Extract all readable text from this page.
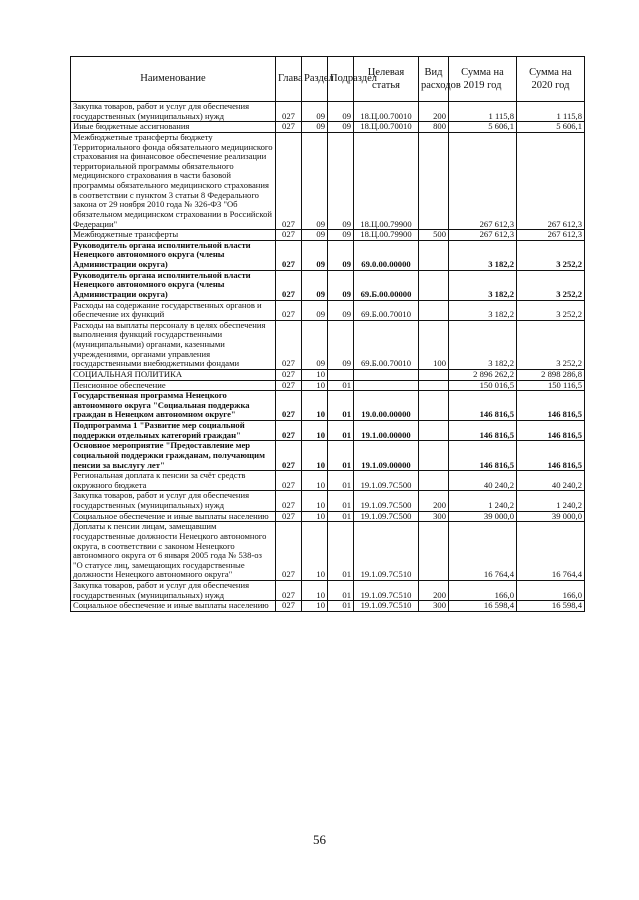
Наименование	Глава	Раздел	Подраздел	Целевая статья	Вид расходов	Сумма на 2019 год	Сумма на 2020 год
Закупка товаров, работ и услуг для обеспечения государственных (муниципальных) нужд	027	09	09	18.Ц.00.70010	200	1 115,8	1 115,8
Иные бюджетные ассигнования	027	09	09	18.Ц.00.70010	800	5 606,1	5 606,1
Межбюджетные трансферты бюджету Территориального фонда обязательного медицинского страхования на финансовое обеспечение реализации территориальной программы обязательного медицинского страхования в части базовой программы обязательного медицинского страхования в соответствии с пунктом 3 статьи 8 Федерального закона от 29 ноября 2010 года № 326-ФЗ "Об обязательном медицинском страховании в Российской Федерации"	027	09	09	18.Ц.00.79900		267 612,3	267 612,3
Межбюджетные трансферты	027	09	09	18.Ц.00.79900	500	267 612,3	267 612,3
Руководитель органа исполнительной власти Ненецкого автономного округа (члены Администрации округа)	027	09	09	69.0.00.00000		3 182,2	3 252,2
Руководитель органа исполнительной власти Ненецкого автономного округа (члены Администрации округа)	027	09	09	69.Б.00.00000		3 182,2	3 252,2
Расходы на содержание государственных органов и обеспечение их функций	027	09	09	69.Б.00.70010		3 182,2	3 252,2
Расходы на выплаты персоналу в целях обеспечения выполнения функций государственными (муниципальными) органами, казенными учреждениями, органами управления государственными внебюджетными фондами	027	09	09	69.Б.00.70010	100	3 182,2	3 252,2
СОЦИАЛЬНАЯ ПОЛИТИКА	027	10				2 896 262,2	2 898 286,8
Пенсионное обеспечение	027	10	01			150 016,5	150 116,5
Государственная программа Ненецкого автономного округа "Социальная поддержка граждан в Ненецком автономном округе"	027	10	01	19.0.00.00000		146 816,5	146 816,5
Подпрограмма 1 "Развитие мер социальной поддержки отдельных категорий граждан"	027	10	01	19.1.00.00000		146 816,5	146 816,5
Основное мероприятие "Предоставление мер социальной поддержки гражданам, получающим пенсии за выслугу лет"	027	10	01	19.1.09.00000		146 816,5	146 816,5
Региональная доплата к пенсии за счёт средств окружного бюджета	027	10	01	19.1.09.7С500		40 240,2	40 240,2
Закупка товаров, работ и услуг для обеспечения государственных (муниципальных) нужд	027	10	01	19.1.09.7С500	200	1 240,2	1 240,2
Социальное обеспечение и иные выплаты населению	027	10	01	19.1.09.7С500	300	39 000,0	39 000,0
Доплаты к пенсии лицам, замещавшим государственные должности Ненецкого автономного округа, в соответствии с законом Ненецкого автономного округа от 6 января 2005 года № 538-оз "О статусе лиц, замещающих государственные должности Ненецкого автономного округа"	027	10	01	19.1.09.7С510		16 764,4	16 764,4
Закупка товаров, работ и услуг для обеспечения государственных (муниципальных) нужд	027	10	01	19.1.09.7С510	200	166,0	166,0
Социальное обеспечение и иные выплаты населению	027	10	01	19.1.09.7С510	300	16 598,4	16 598,4
56
